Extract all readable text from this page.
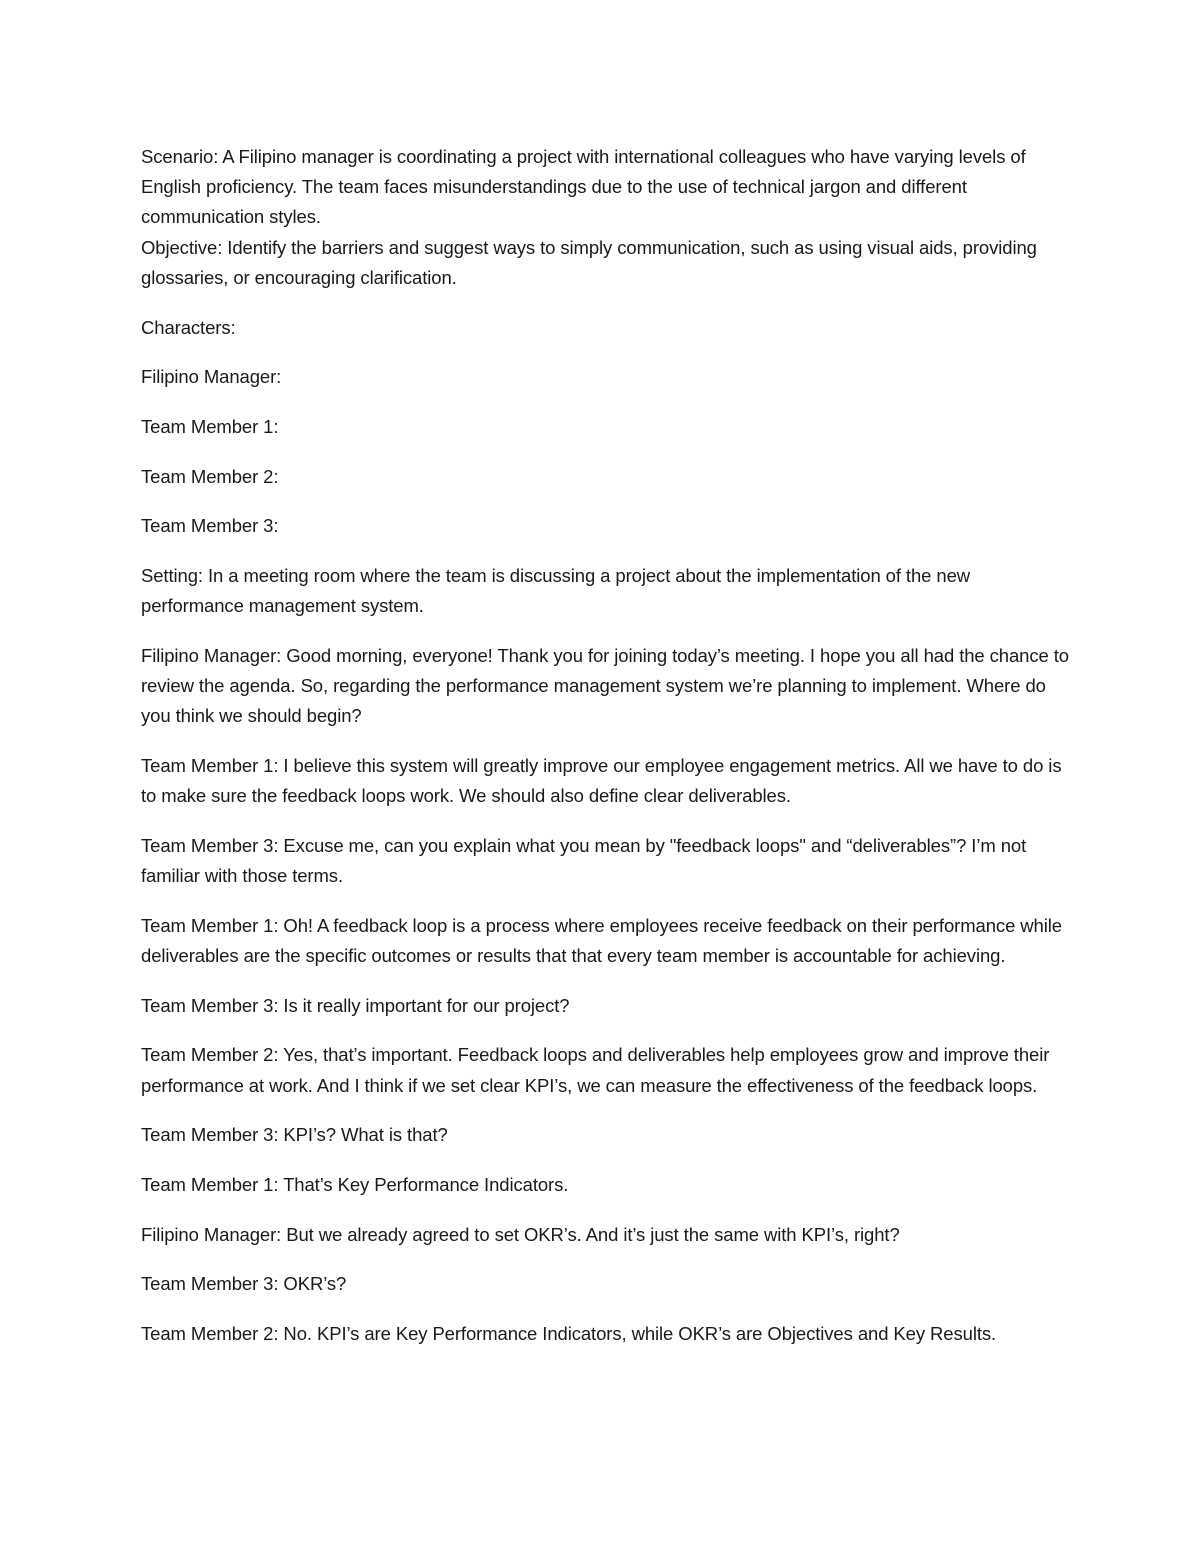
Scenario: A Filipino manager is coordinating a project with international colleagues who have varying levels of English proficiency. The team faces misunderstandings due to the use of technical jargon and different communication styles.

Objective: Identify the barriers and suggest ways to simply communication, such as using visual aids, providing glossaries, or encouraging clarification.

Characters:

Filipino Manager:

Team Member 1:

Team Member 2:

Team Member 3:

Setting: In a meeting room where the team is discussing a project about the implementation of the new performance management system.

Filipino Manager: Good morning, everyone! Thank you for joining today’s meeting. I hope you all had the chance to review the agenda. So, regarding the performance management system we’re planning to implement. Where do you think we should begin?

Team Member 1: I believe this system will greatly improve our employee engagement metrics. All we have to do is to make sure the feedback loops work. We should also define clear deliverables.

Team Member 3: Excuse me, can you explain what you mean by "feedback loops" and “deliverables”? I’m not familiar with those terms.

Team Member 1: Oh! A feedback loop is a process where employees receive feedback on their performance while deliverables are the specific outcomes or results that that every team member is accountable for achieving.

Team Member 3: Is it really important for our project?

Team Member 2: Yes, that’s important. Feedback loops and deliverables help employees grow and improve their performance at work. And I think if we set clear KPI’s, we can measure the effectiveness of the feedback loops.

Team Member 3: KPI’s? What is that?

Team Member 1: That’s Key Performance Indicators.

Filipino Manager: But we already agreed to set OKR’s. And it’s just the same with KPI’s, right?

Team Member 3: OKR’s?

Team Member 2: No. KPI’s are Key Performance Indicators, while OKR’s are Objectives and Key Results.
